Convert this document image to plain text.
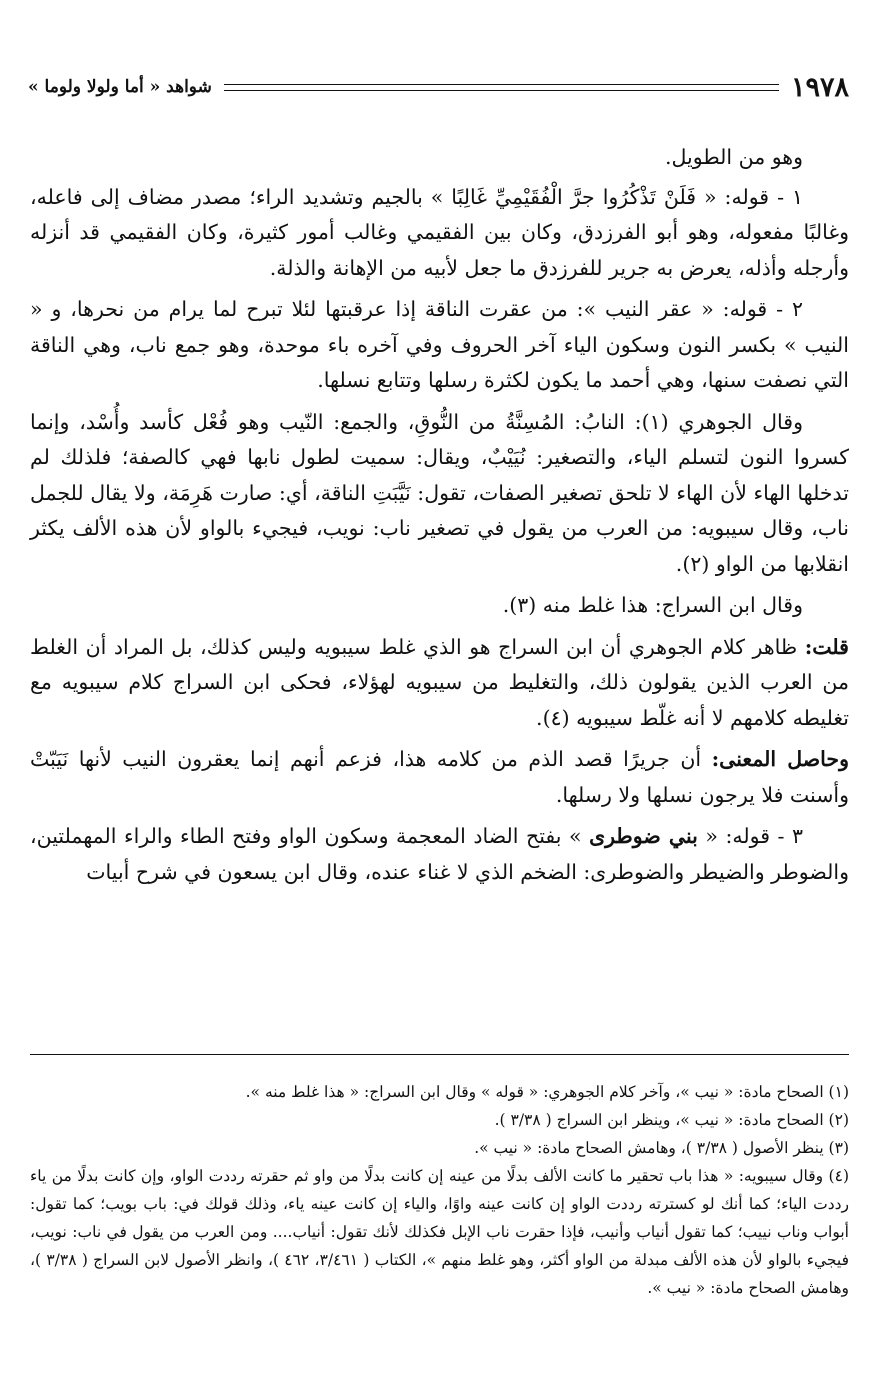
١٩٧٨
شواهد « أما ولولا ولوما »

وهو من الطويل.

١ - قوله: « فَلَنْ تَذْكُرُوا جرَّ الْفُقَيْمِيِّ غَالِبًا » بالجيم وتشديد الراء؛ مصدر مضاف إلى فاعله، وغالبًا مفعوله، وهو أبو الفرزدق، وكان بين الفقيمي وغالب أمور كثيرة، وكان الفقيمي قد أنزله وأرجله وأذله، يعرض به جرير للفرزدق ما جعل لأبيه من الإهانة والذلة.

٢ - قوله: « عقر النيب »: من عقرت الناقة إذا عرقبتها لئلا تبرح لما يرام من نحرها، و « النيب » بكسر النون وسكون الياء آخر الحروف وفي آخره باء موحدة، وهو جمع ناب، وهي الناقة التي نصفت سنها، وهي أحمد ما يكون لكثرة رسلها وتتابع نسلها.

وقال الجوهري (١): النابُ: المُسِنَّةُ من النُّوقِ، والجمع: النّيب وهو فُعْل كأسد وأُسْد، وإنما كسروا النون لتسلم الياء، والتصغير: نُيَيْبٌ، ويقال: سميت لطول نابها فهي كالصفة؛ فلذلك لم تدخلها الهاء لأن الهاء لا تلحق تصغير الصفات، تقول: نَيَّبَتِ الناقة، أي: صارت هَرِمَة، ولا يقال للجمل ناب، وقال سيبويه: من العرب من يقول في تصغير ناب: نويب، فيجيء بالواو لأن هذه الألف يكثر انقلابها من الواو (٢).

وقال ابن السراج: هذا غلط منه (٣).

قلت: ظاهر كلام الجوهري أن ابن السراج هو الذي غلط سيبويه وليس كذلك، بل المراد أن الغلط من العرب الذين يقولون ذلك، والتغليط من سيبويه لهؤلاء، فحكى ابن السراج كلام سيبويه مع تغليطه كلامهم لا أنه غلّط سيبويه (٤).

وحاصل المعنى: أن جريرًا قصد الذم من كلامه هذا، فزعم أنهم إنما يعقرون النيب لأنها نَيَبّتْ وأسنت فلا يرجون نسلها ولا رسلها.

٣ - قوله: « بني ضوطرى » بفتح الضاد المعجمة وسكون الواو وفتح الطاء والراء المهملتين، والضوطر والضيطر والضوطرى: الضخم الذي لا غناء عنده، وقال ابن يسعون في شرح أبيات

(١) الصحاح مادة: « نيب »، وآخر كلام الجوهري: « قوله » وقال ابن السراج: « هذا غلط منه ».

(٢) الصحاح مادة: « نيب »، وينظر ابن السراج ( ٣/٣٨ ).

(٣) ينظر الأصول ( ٣/٣٨ )، وهامش الصحاح مادة: « نيب ».

(٤) وقال سيبويه: « هذا باب تحقير ما كانت الألف بدلًا من عينه إن كانت بدلًا من واو ثم حقرته رددت الواو، وإن كانت بدلًا من ياء رددت الياء؛ كما أنك لو كسترته رددت الواو إن كانت عينه واوًا، والياء إن كانت عينه ياء، وذلك قولك في: باب بويب؛ كما تقول: أبواب وناب نييب؛ كما تقول أنياب وأنيب، فإذا حقرت ناب الإبل فكذلك لأنك تقول: أنياب.... ومن العرب من يقول في ناب: نويب، فيجيء بالواو لأن هذه الألف مبدلة من الواو أكثر، وهو غلط منهم »، الكتاب ( ٣/٤٦١، ٤٦٢ )، وانظر الأصول لابن السراج ( ٣/٣٨ )، وهامش الصحاح مادة: « نيب ».
